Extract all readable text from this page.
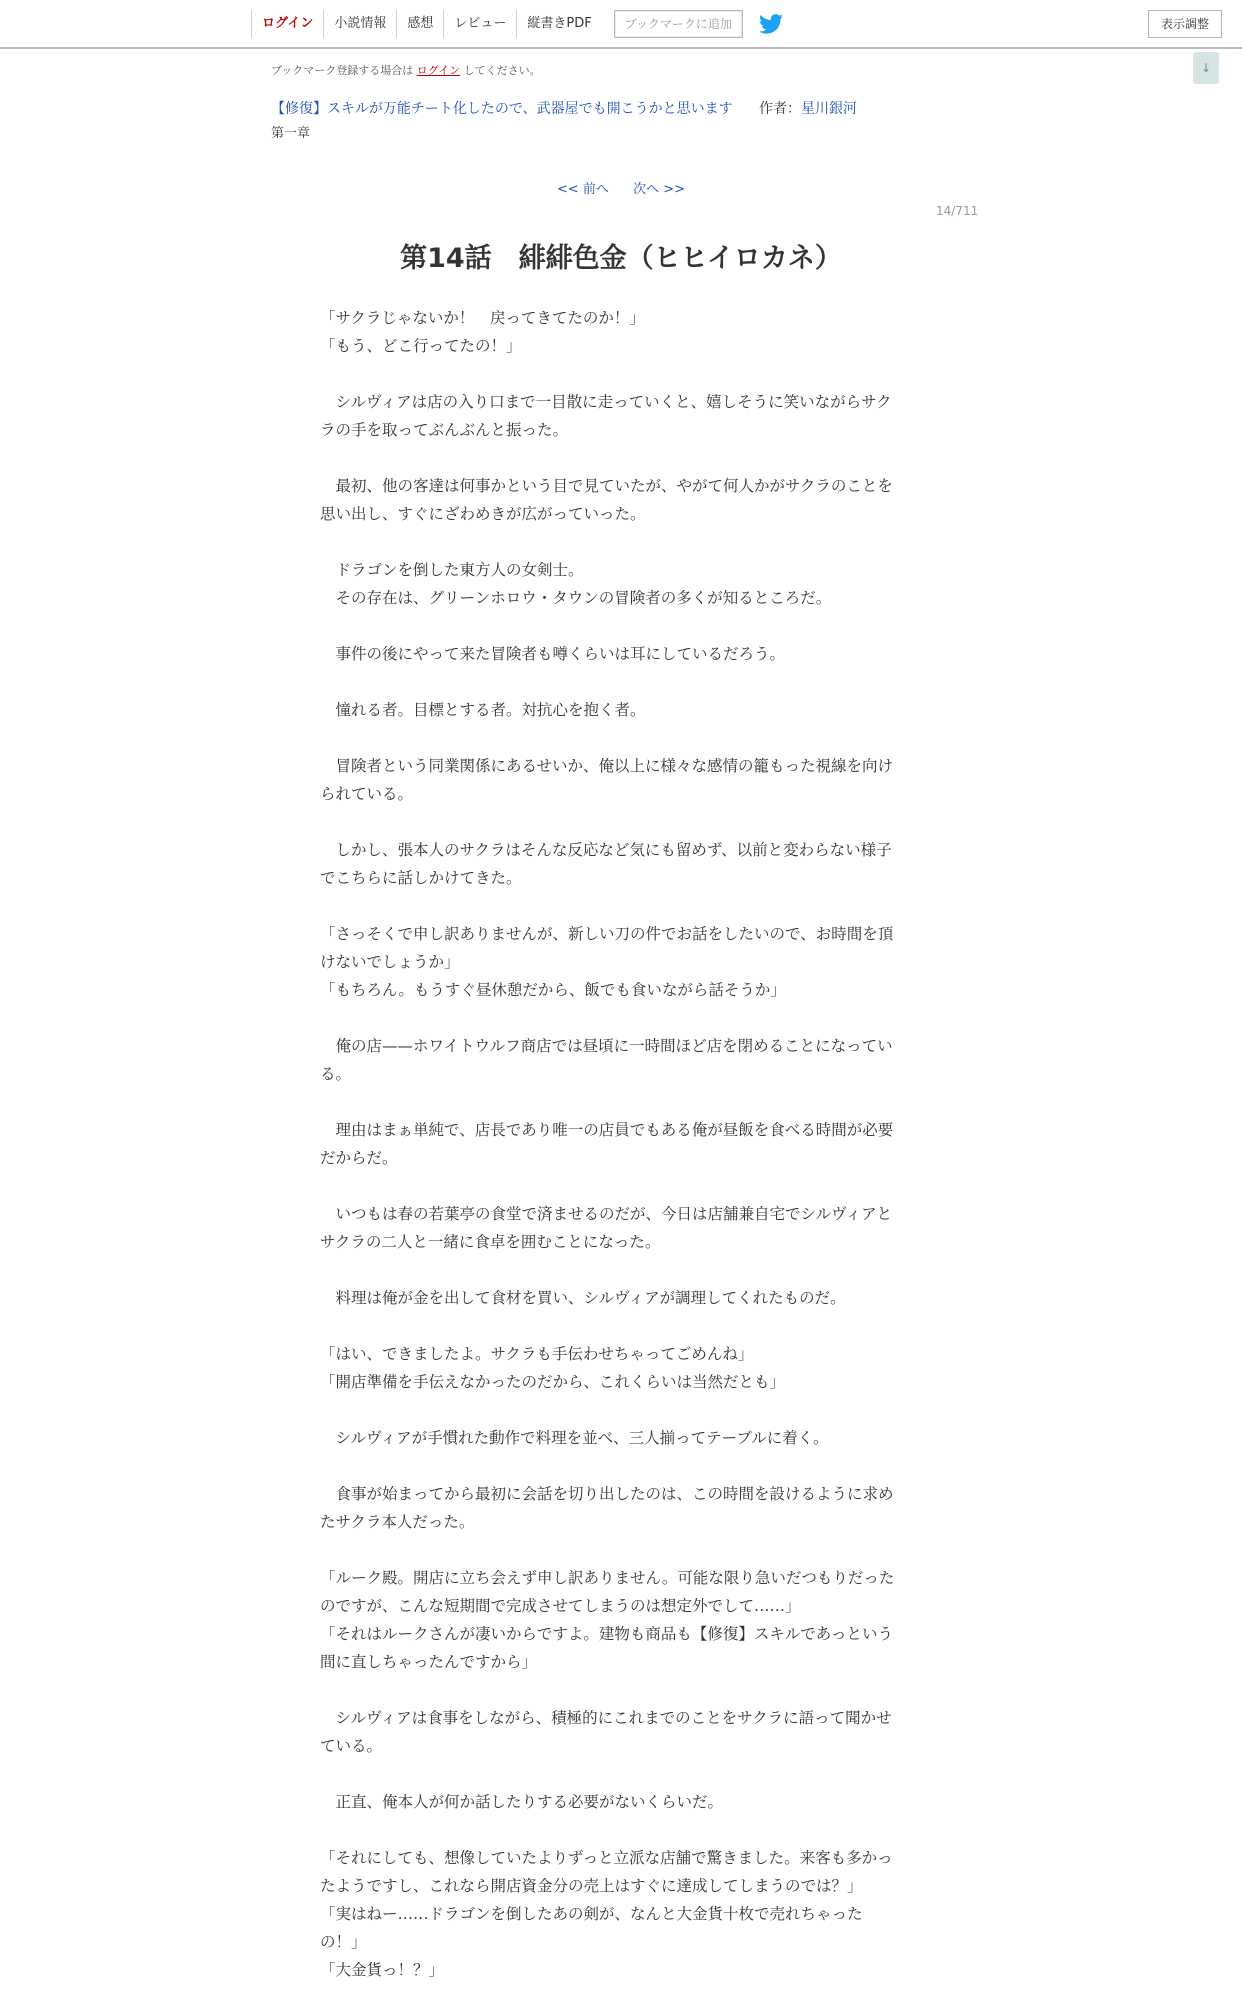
ログイン	小説情報	感想	レビュー	縦書きPDF	ブックマークに追加	表示調整
↓
ブックマーク登録する場合は ログイン してください。
【修復】スキルが万能チート化したので、武器屋でも開こうかと思います 作者：星川銀河
第一章
<< 前へ 次へ >>
14/711
第14話　緋緋色金（ヒヒイロカネ）

「サクラじゃないか！　戻ってきてたのか！」

「もう、どこ行ってたの！」

　シルヴィアは店の入り口まで一目散に走っていくと、嬉しそうに笑いながらサク

ラの手を取ってぶんぶんと振った。

　最初、他の客達は何事かという目で見ていたが、やがて何人かがサクラのことを

思い出し、すぐにざわめきが広がっていった。

　ドラゴンを倒した東方人の女剣士。

　その存在は、グリーンホロウ・タウンの冒険者の多くが知るところだ。

　事件の後にやって来た冒険者も噂くらいは耳にしているだろう。

　憧れる者。目標とする者。対抗心を抱く者。

　冒険者という同業関係にあるせいか、俺以上に様々な感情の籠もった視線を向け

られている。

　しかし、張本人のサクラはそんな反応など気にも留めず、以前と変わらない様子

でこちらに話しかけてきた。

「さっそくで申し訳ありませんが、新しい刀の件でお話をしたいので、お時間を頂

けないでしょうか」

「もちろん。もうすぐ昼休憩だから、飯でも食いながら話そうか」

　俺の店——ホワイトウルフ商店では昼頃に一時間ほど店を閉めることになってい

る。

　理由はまぁ単純で、店長であり唯一の店員でもある俺が昼飯を食べる時間が必要

だからだ。

　いつもは春の若葉亭の食堂で済ませるのだが、今日は店舗兼自宅でシルヴィアと

サクラの二人と一緒に食卓を囲むことになった。

　料理は俺が金を出して食材を買い、シルヴィアが調理してくれたものだ。

「はい、できましたよ。サクラも手伝わせちゃってごめんね」

「開店準備を手伝えなかったのだから、これくらいは当然だとも」

　シルヴィアが手慣れた動作で料理を並べ、三人揃ってテーブルに着く。

　食事が始まってから最初に会話を切り出したのは、この時間を設けるように求め

たサクラ本人だった。

「ルーク殿。開店に立ち会えず申し訳ありません。可能な限り急いだつもりだった

のですが、こんな短期間で完成させてしまうのは想定外でして……」

「それはルークさんが凄いからですよ。建物も商品も【修復】スキルであっという

間に直しちゃったんですから」

　シルヴィアは食事をしながら、積極的にこれまでのことをサクラに語って聞かせ

ている。

　正直、俺本人が何か話したりする必要がないくらいだ。

「それにしても、想像していたよりずっと立派な店舗で驚きました。来客も多かっ

たようですし、これなら開店資金分の売上はすぐに達成してしまうのでは？」

「実はねー……ドラゴンを倒したあの剣が、なんと大金貨十枚で売れちゃった

の！」

「大金貨っ！？」
